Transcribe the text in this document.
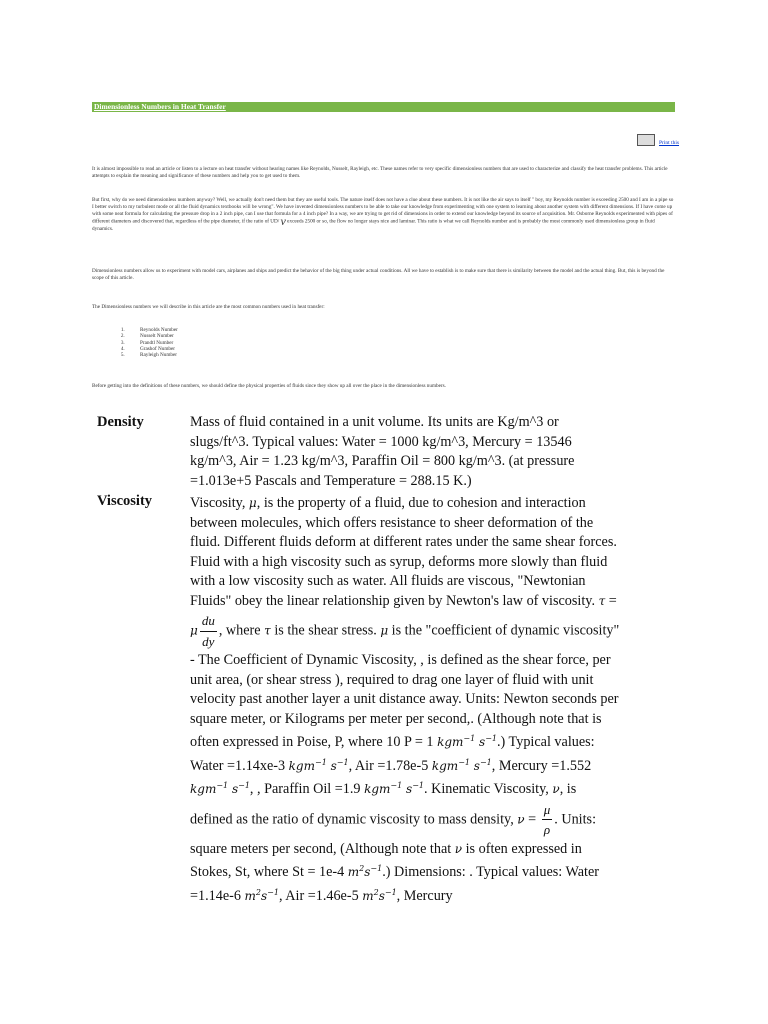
Dimensionless Numbers in Heat Transfer
Print this

It is almost impossible to read an article or listen to a lecture on heat transfer without hearing names like Reynolds, Nusselt, Rayleigh, etc. These names refer to very specific dimensionless numbers that are used to characterize and classify the heat transfer problems. This article attempts to explain the meaning and significance of these numbers and help you to get used to them.

But first, why do we need dimensionless numbers anyway? Well, we actually don't need them but they are useful tools. The nature itself does not have a clue about these numbers. It is not like the air says to itself " boy, my Reynolds number is exceeding 2500 and I am in a pipe so I better switch to my turbulent mode or all the fluid dynamics textbooks will be wrong". We have invented dimensionless numbers to be able to take our knowledge from experimenting with one system to learning about another system with different dimensions. If I have come up with some neat formula for calculating the pressure drop in a 2 inch pipe, can I use that formula for a 4 inch pipe? In a way, we are trying to get rid of dimensions in order to extend our knowledge beyond its source of acquisition. Mr. Osborne Reynolds experimented with pipes of different diameters and discovered that, regardless of the pipe diameter, if the ratio of UD/ ν exceeds 2500 or so, the flow no longer stays nice and laminar. This ratio is what we call Reynolds number and is probably the most commonly used dimensionless group in fluid dynamics.

Dimensionless numbers allow us to experiment with model cars, airplanes and ships and predict the behavior of the big thing under actual conditions. All we have to establish is to make sure that there is similarity between the model and the actual thing. But, this is beyond the scope of this article.

The Dimensionless numbers we will describe in this article are the most common numbers used in heat transfer:

1. Reynolds Number
2. Nusselt Number
3. Prandtl Number
4. Grashof Number
5. Rayleigh Number

Before getting into the definitions of these numbers, we should define the physical properties of fluids since they show up all over the place in the dimensionless numbers.

Density	Mass of fluid contained in a unit volume. Its units are Kg/m^3 or slugs/ft^3. Typical values: Water = 1000 kg/m^3, Mercury = 13546 kg/m^3, Air = 1.23 kg/m^3, Paraffin Oil = 800 kg/m^3. (at pressure =1.013e+5 Pascals and Temperature = 288.15 K.)

Viscosity	Viscosity, μ, is the property of a fluid, due to cohesion and interaction between molecules, which offers resistance to sheer deformation of the fluid. Different fluids deform at different rates under the same shear forces. Fluid with a high viscosity such as syrup, deforms more slowly than fluid with a low viscosity such as water. All fluids are viscous, "Newtonian Fluids" obey the linear relationship given by Newton's law of viscosity. τ = μ $\frac{du}{dy}$ , where τ is the shear stress. μ is the "coefficient of dynamic viscosity" - The Coefficient of Dynamic Viscosity, , is defined as the shear force, per unit area, (or shear stress ), required to drag one layer of fluid with unit velocity past another layer a unit distance away. Units: Newton seconds per square meter, or Kilograms per meter per second,. (Although note that is often expressed in Poise, P, where 10 P = 1 kgm$^{-1}$ $s^{-1}$.) Typical values: Water =1.14xe-3 kgm$^{-1}$ $s^{-1}$, Air =1.78e-5 kgm$^{-1}$ $s^{-1}$, Mercury =1.552 kgm$^{-1}$ $s^{-1}$, , Paraffin Oil =1.9 kgm$^{-1}$ $s^{-1}$. Kinematic Viscosity, ν, is defined as the ratio of dynamic viscosity to mass density, $\nu = \frac{\mu}{\rho}$ . Units: square meters per second, (Although note that ν is often expressed in Stokes, St, where St = 1e-4 $m^2s^{-1}$.) Dimensions: . Typical values: Water =1.14e-6 $m^2s^{-1}$, Air =1.46e-5 $m^2s^{-1}$, Mercury
